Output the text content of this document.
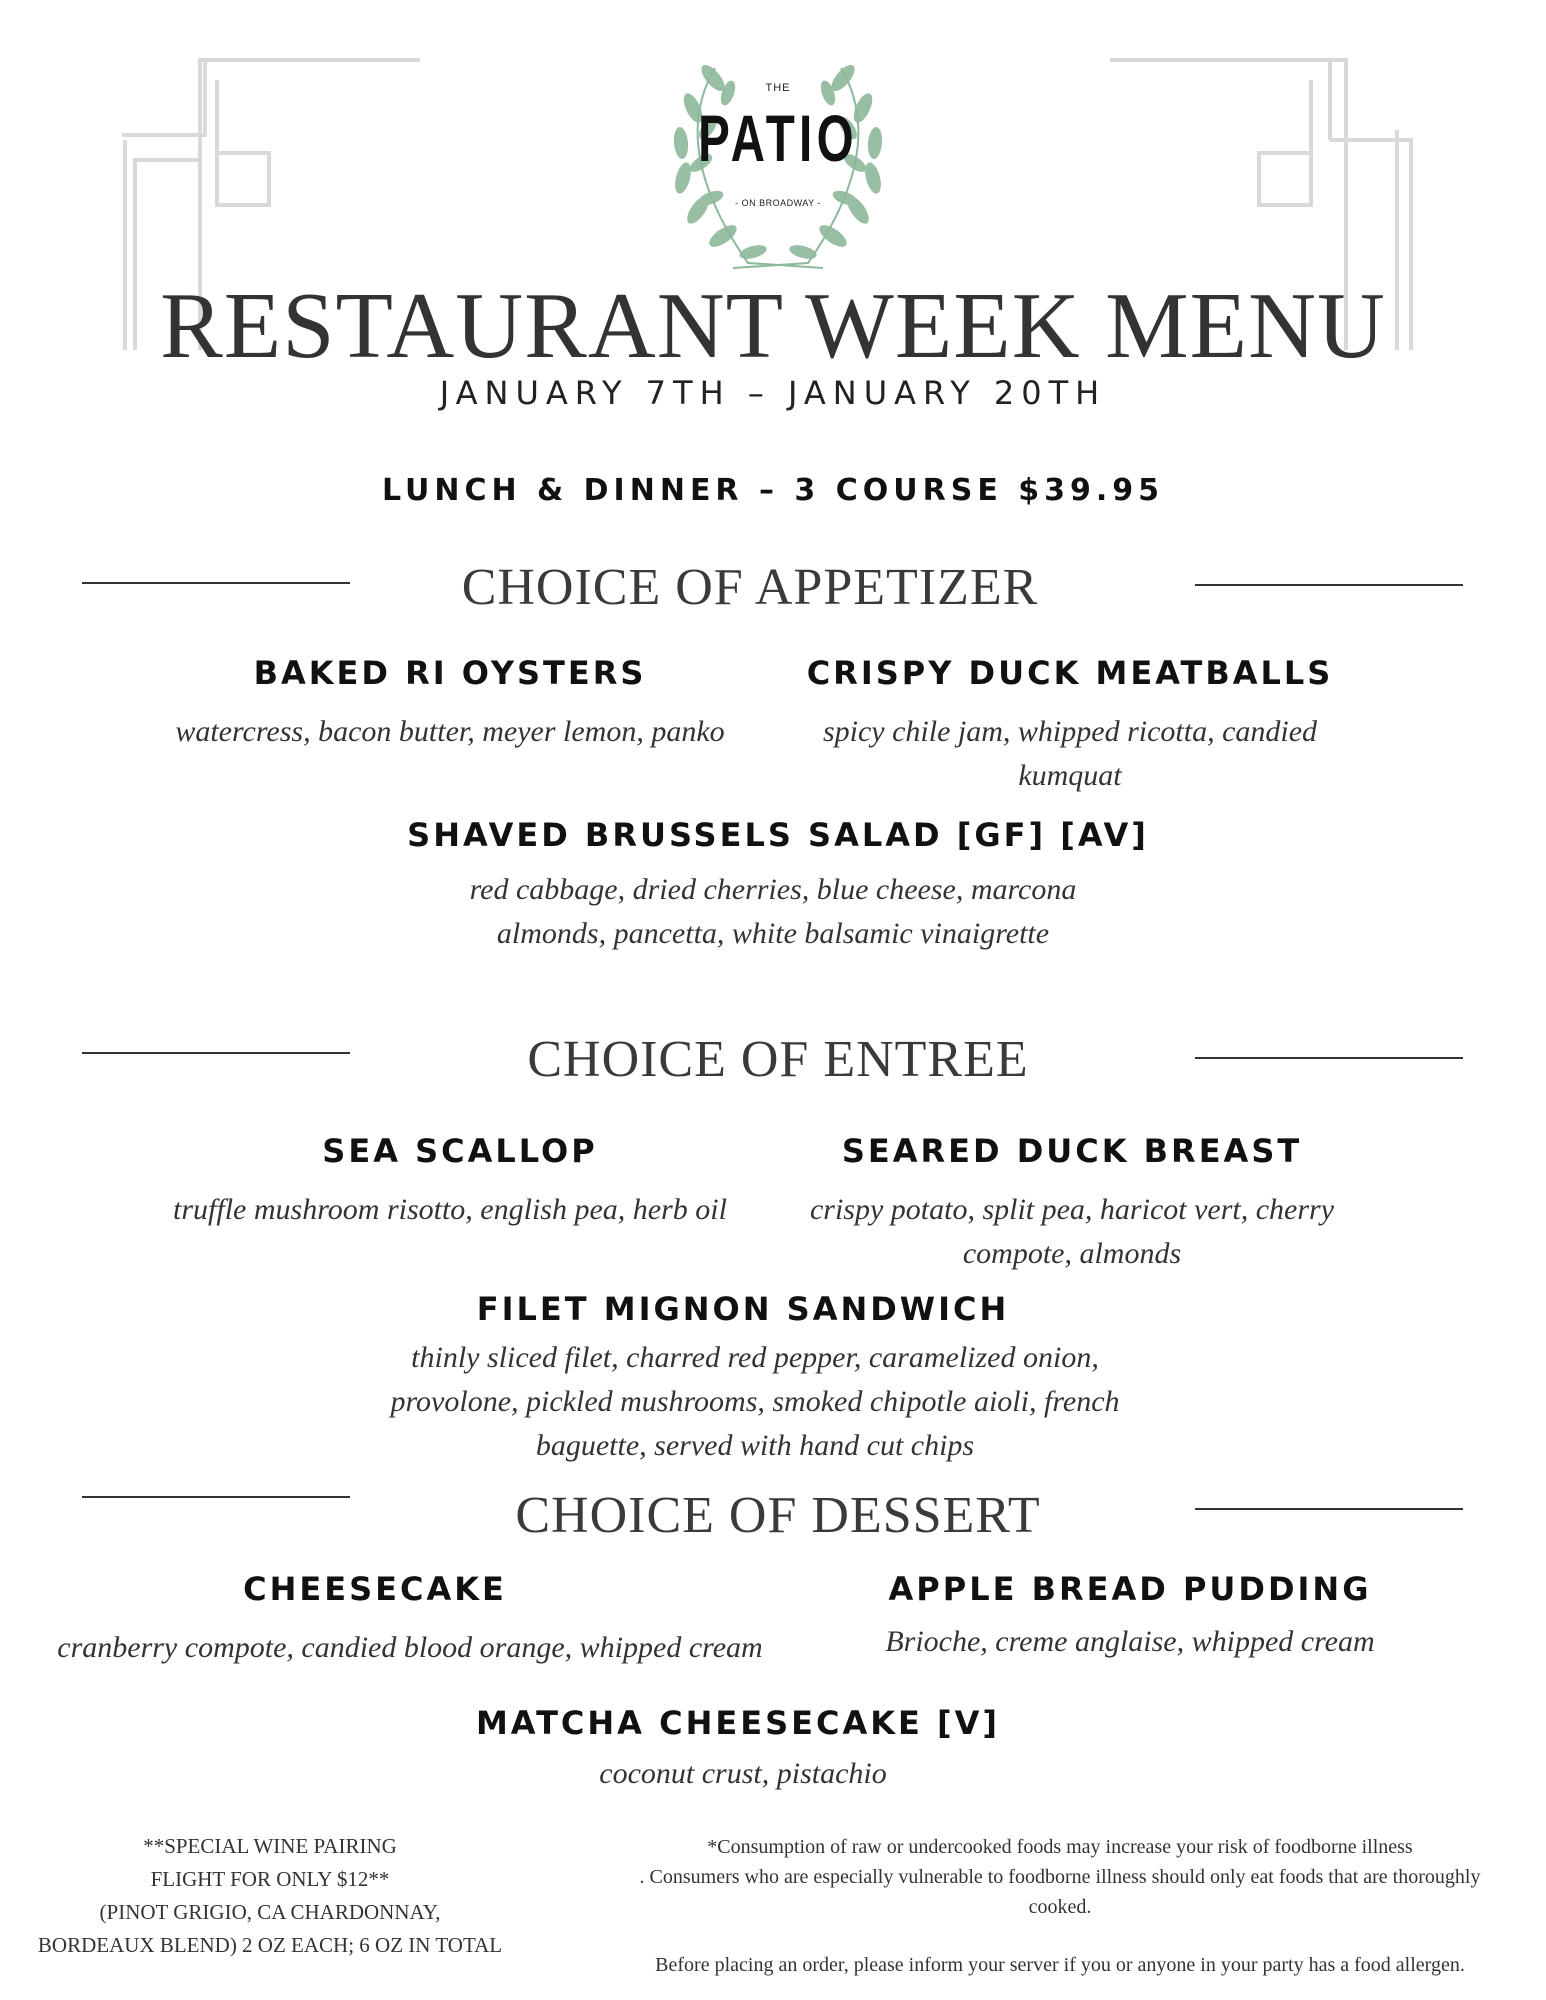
THE
PATIO
- ON BROADWAY -
RESTAURANT WEEK MENU
JANUARY 7TH – JANUARY 20TH
LUNCH & DINNER – 3 COURSE $39.95
CHOICE OF APPETIZER
BAKED RI OYSTERS
watercress, bacon butter, meyer lemon, panko
CRISPY DUCK MEATBALLS
spicy chile jam, whipped ricotta, candied
kumquat
SHAVED BRUSSELS SALAD [GF] [AV]
red cabbage, dried cherries, blue cheese, marcona
almonds, pancetta, white balsamic vinaigrette
CHOICE OF ENTREE
SEA SCALLOP
truffle mushroom risotto, english pea, herb oil
SEARED DUCK BREAST
crispy potato, split pea, haricot vert, cherry
compote, almonds
FILET MIGNON SANDWICH
thinly sliced filet, charred red pepper, caramelized onion,
provolone, pickled mushrooms, smoked chipotle aioli, french
baguette, served with hand cut chips
CHOICE OF DESSERT
CHEESECAKE
cranberry compote, candied blood orange, whipped cream
APPLE BREAD PUDDING
Brioche, creme anglaise, whipped cream
MATCHA CHEESECAKE [V]
coconut crust, pistachio
**SPECIAL WINE PAIRING
FLIGHT FOR ONLY $12**
(PINOT GRIGIO, CA CHARDONNAY,
BORDEAUX BLEND) 2 OZ EACH; 6 OZ IN TOTAL
*Consumption of raw or undercooked foods may increase your risk of foodborne illness
. Consumers who are especially vulnerable to foodborne illness should only eat foods that are thoroughly
cooked.
Before placing an order, please inform your server if you or anyone in your party has a food allergen.
